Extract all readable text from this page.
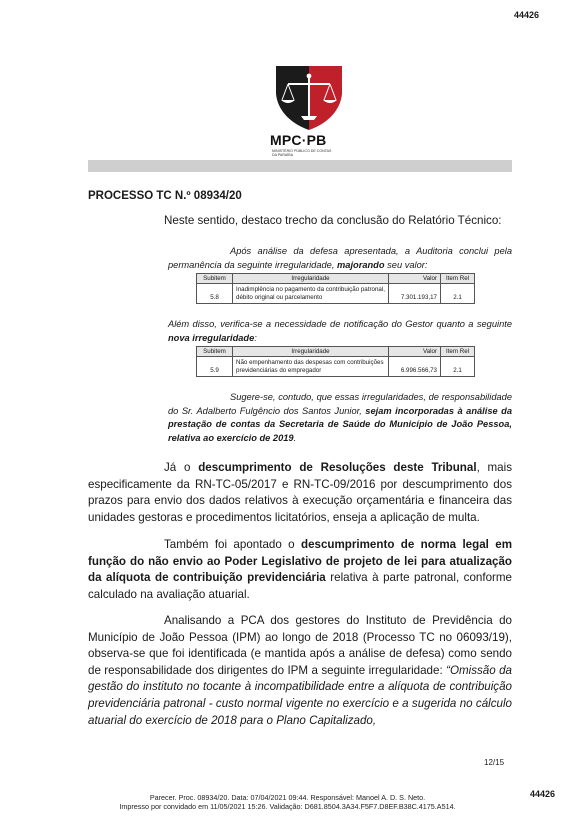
44426
MPC·PB
MINISTÉRIO PÚBLICO DE CONTAS DA PARAÍBA
PROCESSO TC N.º 08934/20

Neste sentido, destaco trecho da conclusão do Relatório Técnico:

Após análise da defesa apresentada, a Auditoria conclui pela permanência da seguinte irregularidade, majorando seu valor:

Subitem	Irregularidade	Valor	Item Rel
5.8	Inadimplência no pagamento da contribuição patronal, débito original ou parcelamento	7.301.193,17	2.1

Além disso, verifica-se a necessidade de notificação do Gestor quanto a seguinte nova irregularidade:

Subitem	Irregularidade	Valor	Item Rel
5.9	Não empenhamento das despesas com contribuições previdenciárias do empregador	6.996.566,73	2.1

Sugere-se, contudo, que essas irregularidades, de responsabilidade do Sr. Adalberto Fulgêncio dos Santos Junior, sejam incorporadas à análise da prestação de contas da Secretaria de Saúde do Município de João Pessoa, relativa ao exercício de 2019.

Já o descumprimento de Resoluções deste Tribunal, mais especificamente da RN-TC-05/2017 e RN-TC-09/2016 por descumprimento dos prazos para envio dos dados relativos à execução orçamentária e financeira das unidades gestoras e procedimentos licitatórios, enseja a aplicação de multa.

Também foi apontado o descumprimento de norma legal em função do não envio ao Poder Legislativo de projeto de lei para atualização da alíquota de contribuição previdenciária relativa à parte patronal, conforme calculado na avaliação atuarial.

Analisando a PCA dos gestores do Instituto de Previdência do Município de João Pessoa (IPM) ao longo de 2018 (Processo TC no 06093/19), observa-se que foi identificada (e mantida após a análise de defesa) como sendo de responsabilidade dos dirigentes do IPM a seguinte irregularidade: “Omissão da gestão do instituto no tocante à incompatibilidade entre a alíquota de contribuição previdenciária patronal - custo normal vigente no exercício e a sugerida no cálculo atuarial do exercício de 2018 para o Plano Capitalizado,

12/15
Parecer. Proc. 08934/20. Data: 07/04/2021 09:44. Responsável: Manoel A. D. S. Neto.
Impresso por convidado em 11/05/2021 15:26. Validação: D681.8504.3A34.F5F7.D8EF.B38C.4175.A514.
44426
